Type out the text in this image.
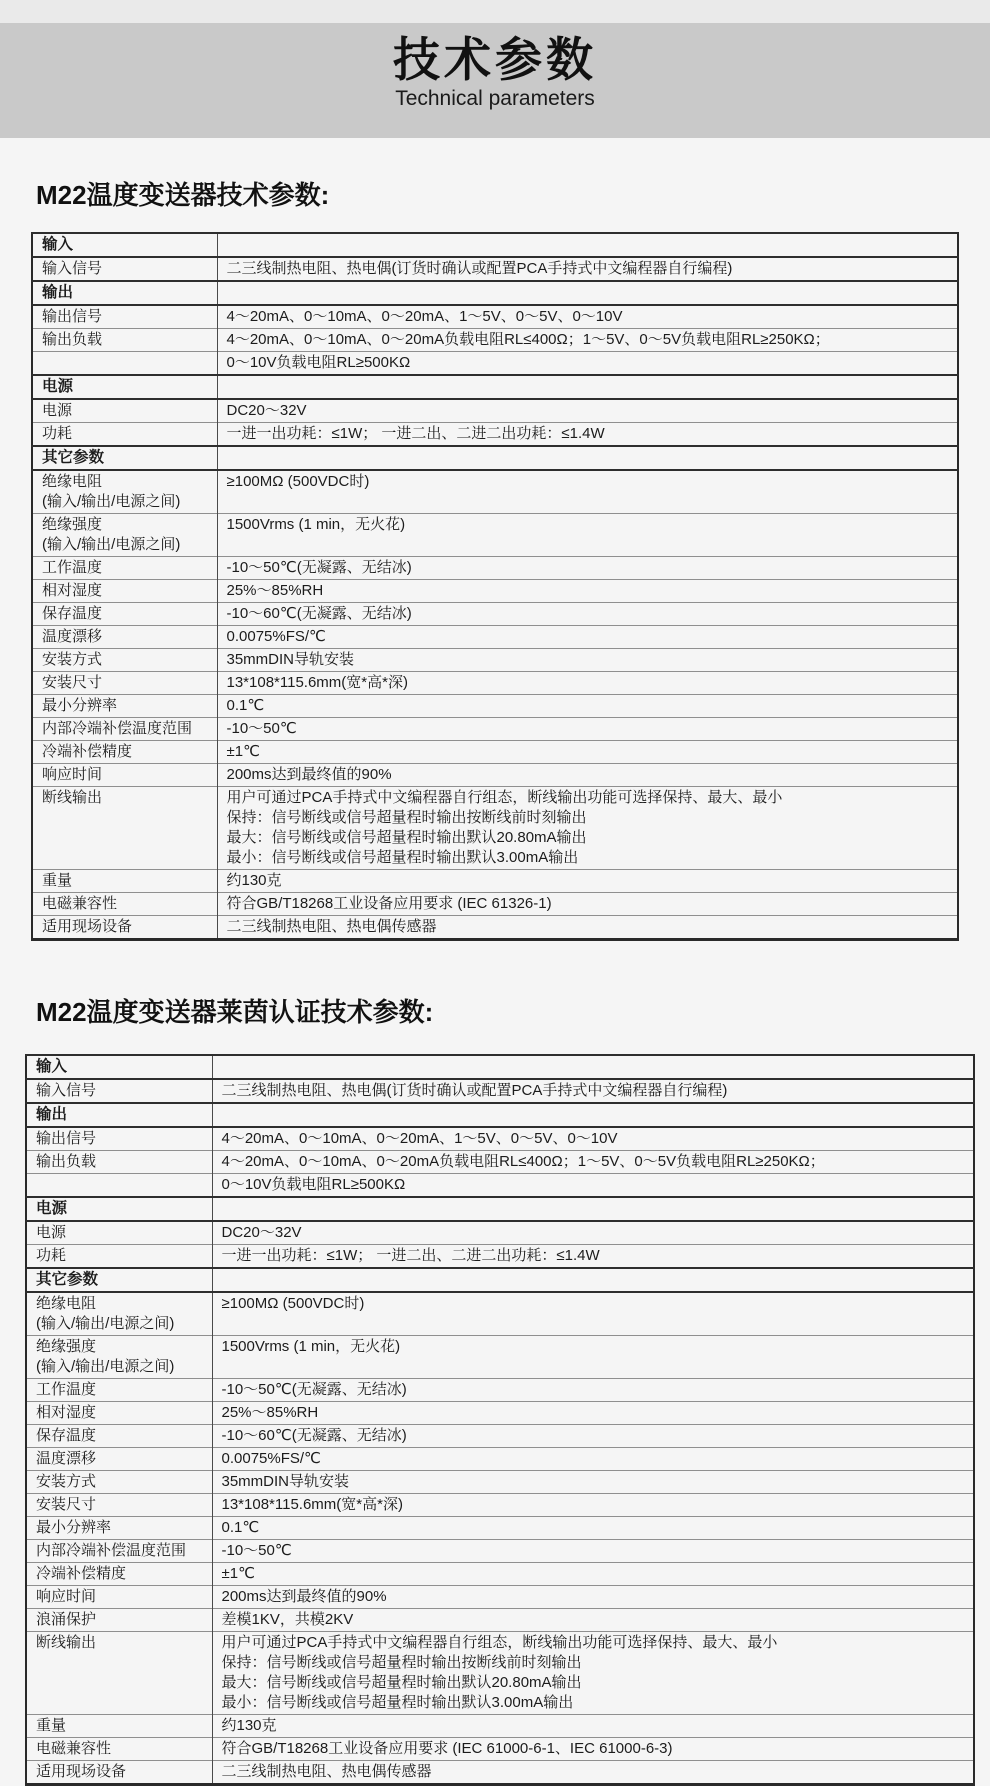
技术参数
Technical parameters
M22温度变送器技术参数:
输入	

输入信号	二三线制热电阻、热电偶(订货时确认或配置PCA手持式中文编程器自行编程)

输出	

输出信号	4～20mA、0～10mA、0～20mA、1～5V、0～5V、0～10V

输出负载	4～20mA、0～10mA、0～20mA负载电阻RL≤400Ω；1～5V、0～5V负载电阻RL≥250KΩ；

	0～10V负载电阻RL≥500KΩ

电源	

电源	DC20～32V

功耗	一进一出功耗：≤1W； 一进二出、二进二出功耗：≤1.4W

其它参数	

绝缘电阻
(输入/输出/电源之间)	≥100MΩ (500VDC时)

绝缘强度
(输入/输出/电源之间)	1500Vrms (1 min，无火花)

工作温度	-10～50℃(无凝露、无结冰)

相对湿度	25%～85%RH

保存温度	-10～60℃(无凝露、无结冰)

温度漂移	0.0075%FS/℃

安装方式	35mmDIN导轨安装

安装尺寸	13*108*115.6mm(宽*高*深)

最小分辨率	0.1℃

内部冷端补偿温度范围	-10～50℃

冷端补偿精度	±1℃

响应时间	200ms达到最终值的90%

断线输出	用户可通过PCA手持式中文编程器自行组态，断线输出功能可选择保持、最大、最小
保持：信号断线或信号超量程时输出按断线前时刻输出
最大：信号断线或信号超量程时输出默认20.80mA输出
最小：信号断线或信号超量程时输出默认3.00mA输出

重量	约130克

电磁兼容性	符合GB/T18268工业设备应用要求 (IEC 61326-1)

适用现场设备	二三线制热电阻、热电偶传感器
M22温度变送器莱茵认证技术参数:
输入	

输入信号	二三线制热电阻、热电偶(订货时确认或配置PCA手持式中文编程器自行编程)

输出	

输出信号	4～20mA、0～10mA、0～20mA、1～5V、0～5V、0～10V

输出负载	4～20mA、0～10mA、0～20mA负载电阻RL≤400Ω；1～5V、0～5V负载电阻RL≥250KΩ；

	0～10V负载电阻RL≥500KΩ

电源	

电源	DC20～32V

功耗	一进一出功耗：≤1W； 一进二出、二进二出功耗：≤1.4W

其它参数	

绝缘电阻
(输入/输出/电源之间)	≥100MΩ (500VDC时)

绝缘强度
(输入/输出/电源之间)	1500Vrms (1 min，无火花)

工作温度	-10～50℃(无凝露、无结冰)

相对湿度	25%～85%RH

保存温度	-10～60℃(无凝露、无结冰)

温度漂移	0.0075%FS/℃

安装方式	35mmDIN导轨安装

安装尺寸	13*108*115.6mm(宽*高*深)

最小分辨率	0.1℃

内部冷端补偿温度范围	-10～50℃

冷端补偿精度	±1℃

响应时间	200ms达到最终值的90%

浪涌保护	差模1KV，共模2KV

断线输出	用户可通过PCA手持式中文编程器自行组态，断线输出功能可选择保持、最大、最小
保持：信号断线或信号超量程时输出按断线前时刻输出
最大：信号断线或信号超量程时输出默认20.80mA输出
最小：信号断线或信号超量程时输出默认3.00mA输出

重量	约130克

电磁兼容性	符合GB/T18268工业设备应用要求 (IEC 61000-6-1、IEC 61000-6-3)

适用现场设备	二三线制热电阻、热电偶传感器
